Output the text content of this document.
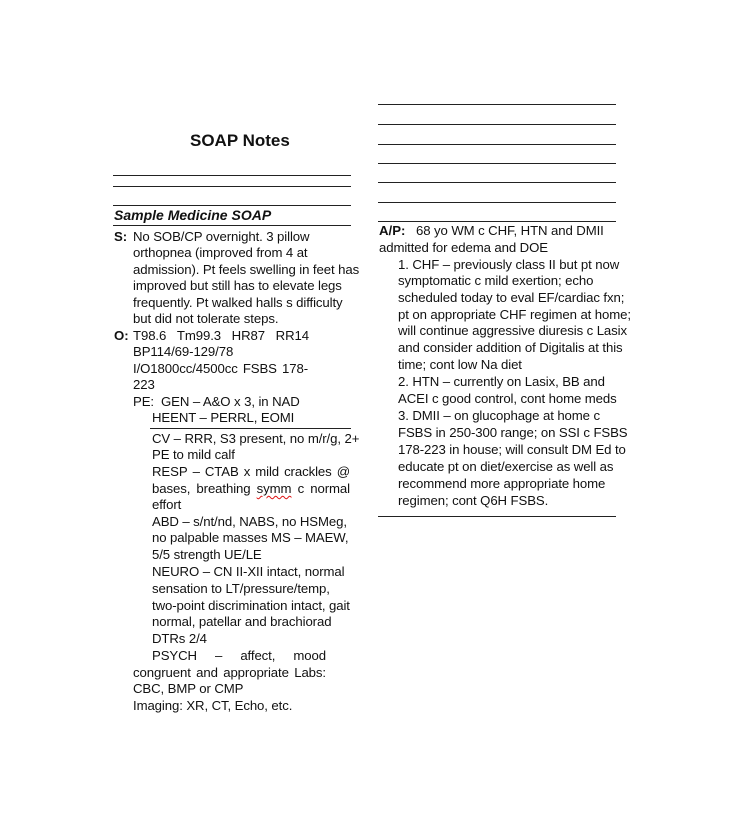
SOAP Notes
Sample Medicine SOAP
S: No SOB/CP overnight. 3 pillow
orthopnea (improved from 4 at
admission). Pt feels swelling in feet has
improved but still has to elevate legs
frequently. Pt walked halls s difficulty
but did not tolerate steps.
O: T98.6 Tm99.3 HR87 RR14
BP114/69-129/78
I/O1800cc/4500cc FSBS 178-
223
PE: GEN – A&O x 3, in NAD
HEENT – PERRL, EOMI
CV – RRR, S3 present, no m/r/g, 2+
PE to mild calf
RESP – CTAB x mild crackles @
bases, breathing symm c normal
effort
ABD – s/nt/nd, NABS, no HSMeg,
no palpable masses MS – MAEW,
5/5 strength UE/LE
NEURO – CN II-XII intact, normal
sensation to LT/pressure/temp,
two-point discrimination intact, gait
normal, patellar and brachiorad
DTRs 2/4
PSYCH – affect, mood
congruent and appropriate Labs:
CBC, BMP or CMP
Imaging: XR, CT, Echo, etc.
A/P: 68 yo WM c CHF, HTN and DMII
admitted for edema and DOE
1. CHF – previously class II but pt now
symptomatic c mild exertion; echo
scheduled today to eval EF/cardiac fxn;
pt on appropriate CHF regimen at home;
will continue aggressive diuresis c Lasix
and consider addition of Digitalis at this
time; cont low Na diet
2. HTN – currently on Lasix, BB and
ACEI c good control, cont home meds
3. DMII – on glucophage at home c
FSBS in 250-300 range; on SSI c FSBS
178-223 in house; will consult DM Ed to
educate pt on diet/exercise as well as
recommend more appropriate home
regimen; cont Q6H FSBS.
